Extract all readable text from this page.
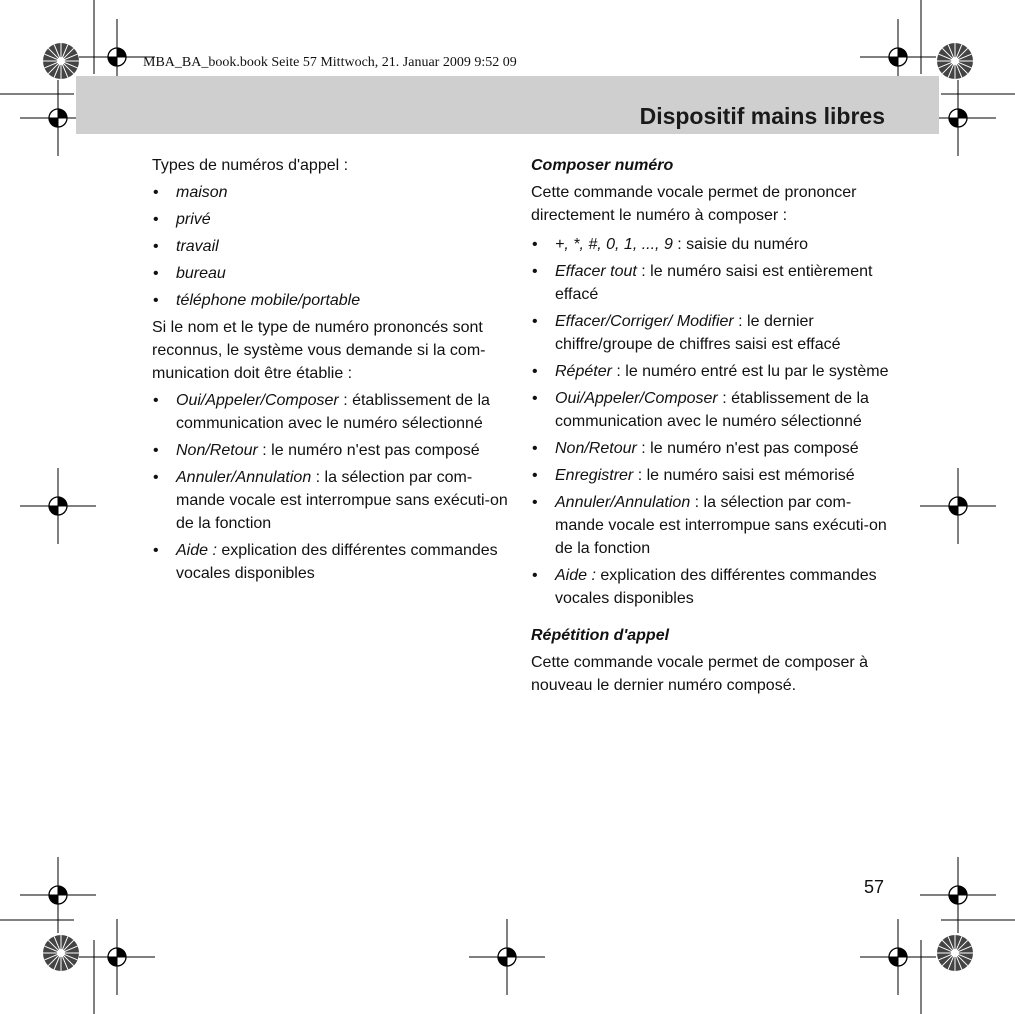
MBA_BA_book.book Seite 57 Mittwoch, 21. Januar 2009 9:52 09
Dispositif mains libres

Types de numéros d'appel :

• maison
• privé
• travail
• bureau
• téléphone mobile/portable

Si le nom et le type de numéro prononcés sont reconnus, le système vous demande si la com-munication doit être établie :

• Oui/Appeler/Composer : établissement de la communication avec le numéro sélectionné
• Non/Retour : le numéro n'est pas composé
• Annuler/Annulation : la sélection par com-mande vocale est interrompue sans exécuti-on de la fonction
• Aide : explication des différentes commandes vocales disponibles

Composer numéro

Cette commande vocale permet de prononcer directement le numéro à composer :

• +, *, #, 0, 1, ..., 9 : saisie du numéro
• Effacer tout : le numéro saisi est entièrement effacé
• Effacer/Corriger/ Modifier : le dernier chiffre/groupe de chiffres saisi est effacé
• Répéter : le numéro entré est lu par le système
• Oui/Appeler/Composer : établissement de la communication avec le numéro sélectionné
• Non/Retour : le numéro n'est pas composé
• Enregistrer : le numéro saisi est mémorisé
• Annuler/Annulation : la sélection par com-mande vocale est interrompue sans exécuti-on de la fonction
• Aide : explication des différentes commandes vocales disponibles

Répétition d'appel

Cette commande vocale permet de composer à nouveau le dernier numéro composé.

57
